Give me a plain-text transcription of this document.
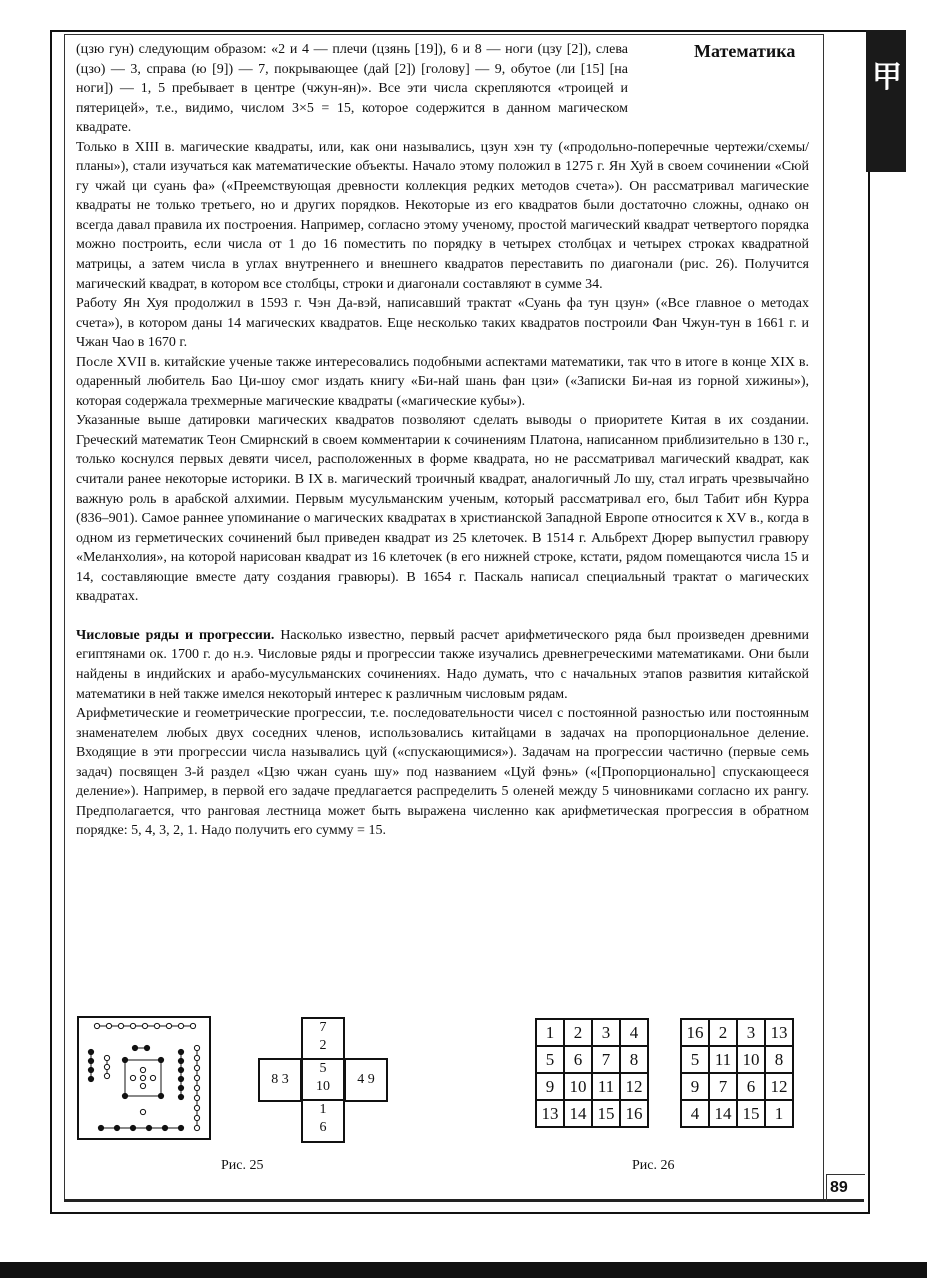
甲
Математика
89

(цзю гун) следующим образом: «2 и 4 — плечи (цзянь [19]), 6 и 8 — ноги (цзу [2]), слева (цзо) — 3, справа (ю [9]) — 7, покрывающее (дай [2]) [голову] — 9, обутое (ли [15] [на ноги]) — 1, 5 пребывает в центре (чжун-ян)». Все эти числа скрепляются «троицей и пятерицей», т.е., видимо, числом 3×5 = 15, которое содержится в данном магическом квадрате.

Только в XIII в. магические квадраты, или, как они назывались, цзун хэн ту («продольно-поперечные чертежи/схемы/планы»), стали изучаться как математические объекты. Начало этому положил в 1275 г. Ян Хуй в своем сочинении «Сюй гу чжай ци суань фа» («Преемствующая древности коллекция редких методов счета»). Он рассматривал магические квадраты не только третьего, но и других порядков. Некоторые из его квадратов были достаточно сложны, однако он всегда давал правила их построения. Например, согласно этому ученому, простой магический квадрат четвертого порядка можно построить, если числа от 1 до 16 поместить по порядку в четырех столбцах и четырех строках квадратной матрицы, а затем числа в углах внутреннего и внешнего квадратов переставить по диагонали (рис. 26). Получится магический квадрат, в котором все столбцы, строки и диагонали составляют в сумме 34.

Работу Ян Хуя продолжил в 1593 г. Чэн Да-вэй, написавший трактат «Суань фа тун цзун» («Все главное о методах счета»), в котором даны 14 магических квадратов. Еще несколько таких квадратов построили Фан Чжун-тун в 1661 г. и Чжан Чао в 1670 г.

После XVII в. китайские ученые также интересовались подобными аспектами математики, так что в итоге в конце XIX в. одаренный любитель Бао Ци-шоу смог издать книгу «Би-най шань фан цзи» («Записки Би-ная из горной хижины»), которая содержала трехмерные магические квадраты («магические кубы»).

Указанные выше датировки магических квадратов позволяют сделать выводы о приоритете Китая в их создании. Греческий математик Теон Смирнский в своем комментарии к сочинениям Платона, написанном приблизительно в 130 г., только коснулся первых девяти чисел, расположенных в форме квадрата, но не рассматривал магический квадрат, как считали ранее некоторые историки. В IX в. магический троичный квадрат, аналогичный Ло шу, стал играть чрезвычайно важную роль в арабской алхимии. Первым мусульманским ученым, который рассматривал его, был Табит ибн Курра (836–901). Самое раннее упоминание о магических квадратах в христианской Западной Европе относится к XV в., когда в одном из герметических сочинений был приведен квадрат из 25 клеточек. В 1514 г. Альбрехт Дюрер выпустил гравюру «Меланхолия», на которой нарисован квадрат из 16 клеточек (в его нижней строке, кстати, рядом помещаются числа 15 и 14, составляющие вместе дату создания гравюры). В 1654 г. Паскаль написал специальный трактат о магических квадратах.

Числовые ряды и прогрессии. Насколько известно, первый расчет арифметического ряда был произведен древними египтянами ок. 1700 г. до н.э. Числовые ряды и прогрессии также изучались древнегреческими математиками. Они были найдены в индийских и арабо-мусульманских сочинениях. Надо думать, что с начальных этапов развития китайской математики в ней также имелся некоторый интерес к различным числовым рядам.

Арифметические и геометрические прогрессии, т.е. последовательности чисел с постоянной разностью или постоянным знаменателем любых двух соседних членов, использовались китайцами в задачах на пропорциональное деление. Входящие в эти прогрессии числа назывались цуй («спускающимися»). Задачам на прогрессии частично (первые семь задач) посвящен 3-й раздел «Цзю чжан суань шу» под названием «Цуй фэнь» («[Пропорционально] спускающееся деление»). Например, в первой его задаче предлагается распределить 5 оленей между 5 чиновниками согласно их рангу. Предполагается, что ранговая лестница может быть выражена численно как арифметическая прогрессия в обратном порядке: 5, 4, 3, 2, 1. Надо получить его сумму = 15.

7
2
8 3
5
10	4 9
1
6
Рис. 25
1	2	3	4
5	6	7	8
9	10	11	12
13	14	15	16
16	2	3	13
5	11	10	8
9	7	6	12
4	14	15	1
Рис. 26
